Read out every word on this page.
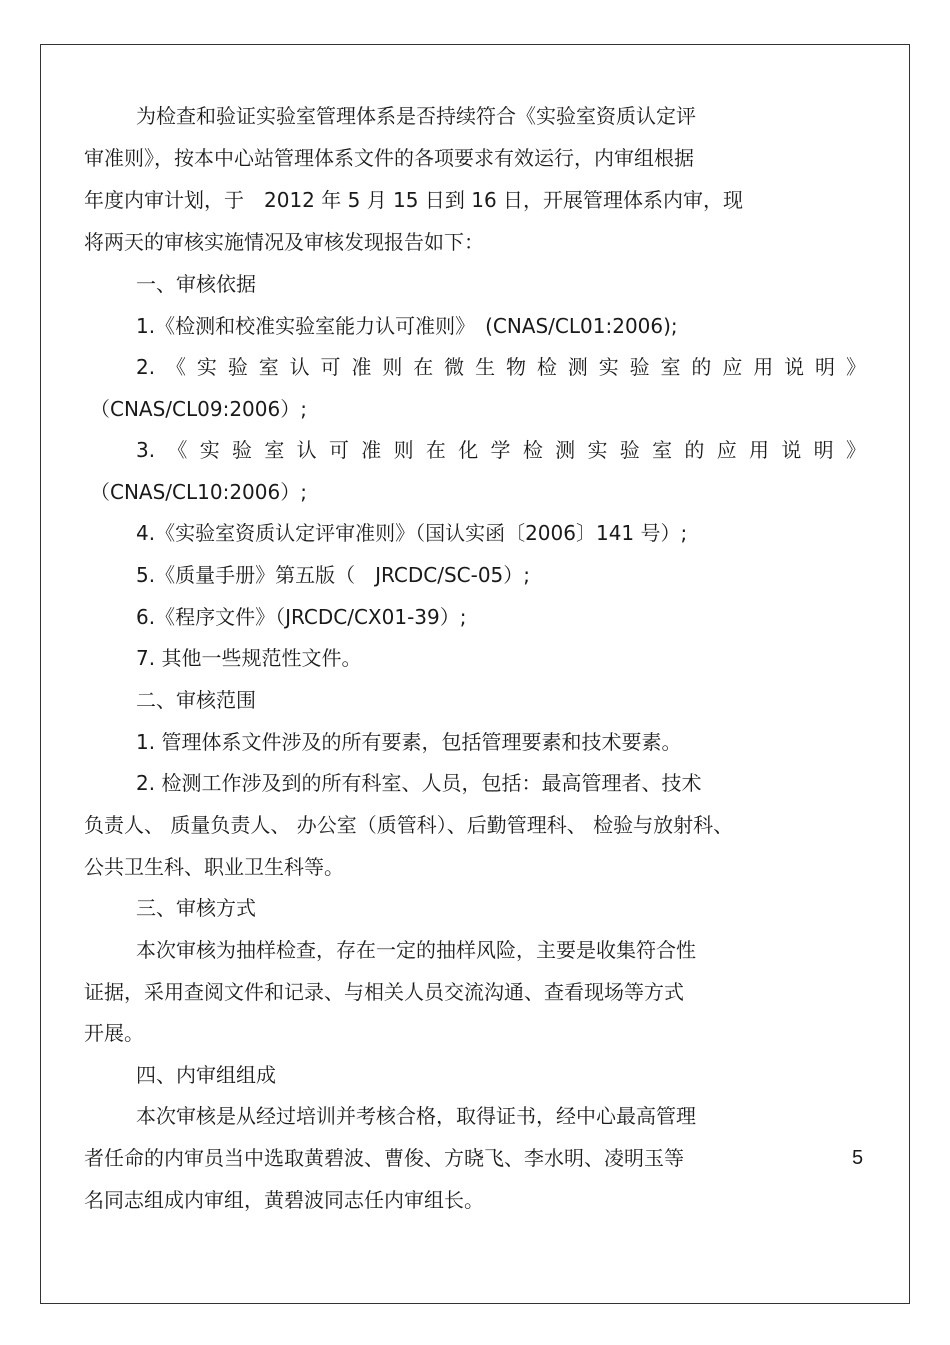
为检查和验证实验室管理体系是否持续符合《实验室资质认定评

审准则》，按本中心站管理体系文件的各项要求有效运行，内审组根据

年度内审计划，于　2012 年 5 月 15 日到 16 日，开展管理体系内审，现

将两天的审核实施情况及审核发现报告如下：

一、审核依据

1.《检测和校准实验室能力认可准则》　(CNAS/CL01:2006);

2. 《 实 验 室 认 可 准 则 在 微 生 物 检 测 实 验 室 的 应 用 说 明 》

（CNAS/CL09:2006）;

3. 《 实 验 室 认 可 准 则 在 化 学 检 测 实 验 室 的 应 用 说 明 》

（CNAS/CL10:2006）;

4.《实验室资质认定评审准则》（国认实函〔2006〕141 号）;

5.《质量手册》第五版（　JRCDC/SC-05）;

6.《程序文件》（JRCDC/CX01-39）;

7. 其他一些规范性文件。

二、审核范围

1. 管理体系文件涉及的所有要素，包括管理要素和技术要素。

2. 检测工作涉及到的所有科室、人员，包括：最高管理者、技术

负责人、 质量负责人、 办公室（质管科）、后勤管理科、 检验与放射科、

公共卫生科、职业卫生科等。

三、审核方式

本次审核为抽样检查，存在一定的抽样风险，主要是收集符合性

证据，采用查阅文件和记录、与相关人员交流沟通、查看现场等方式

开展。

四、内审组组成

本次审核是从经过培训并考核合格，取得证书，经中心最高管理

者任命的内审员当中选取黄碧波、曹俊、方晓飞、李水明、凌明玉等

名同志组成内审组，黄碧波同志任内审组长。

5
